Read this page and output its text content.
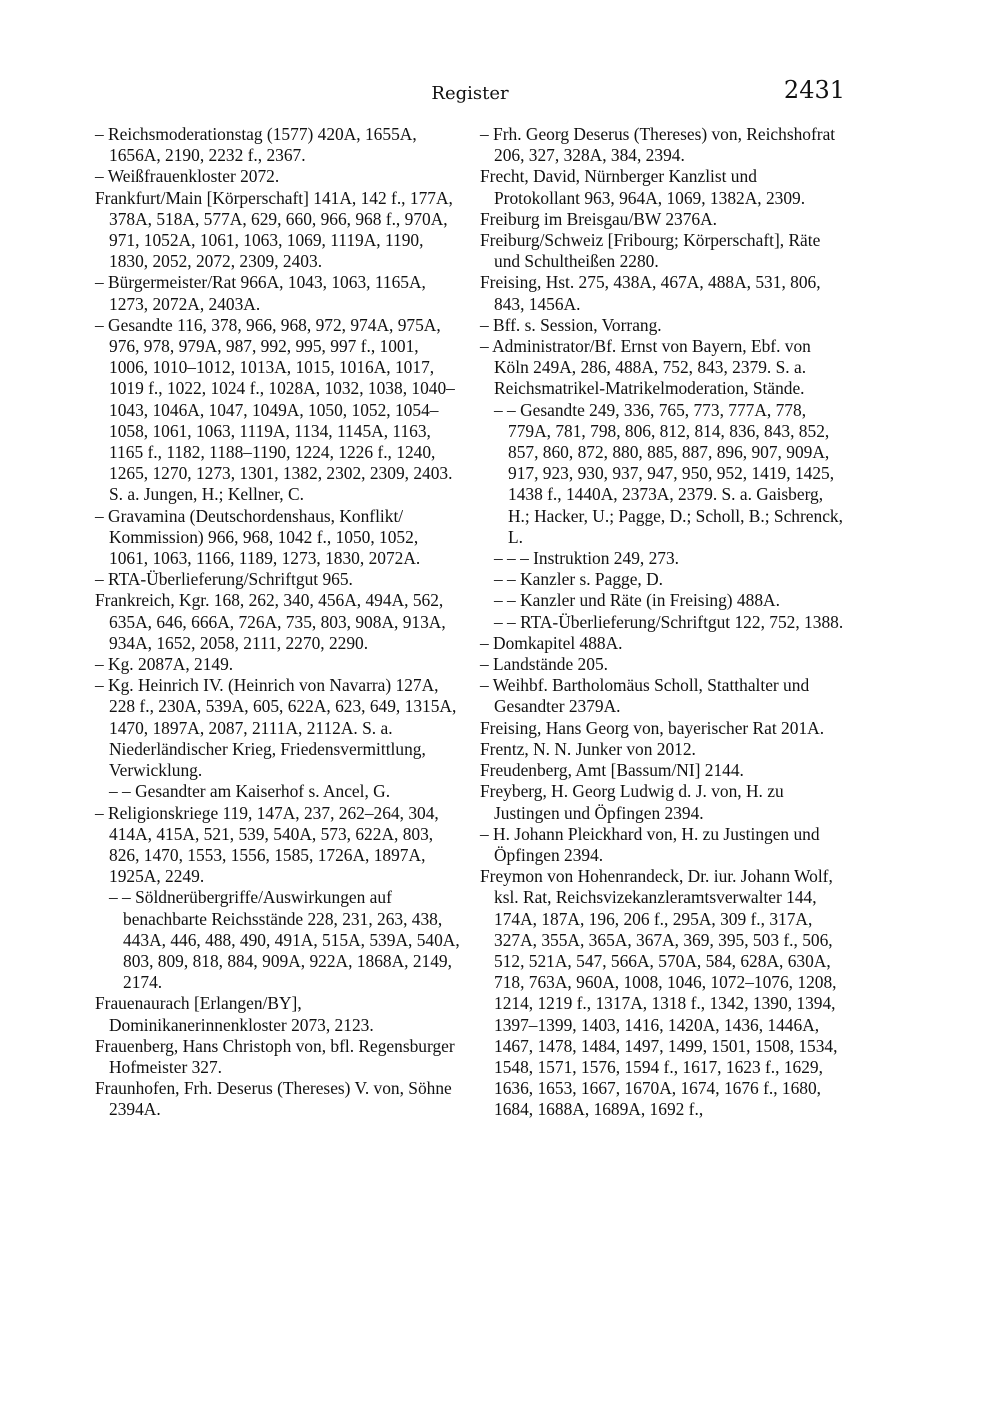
Register	2431

– Reichsmoderationstag (1577) 420A, 1655A, 1656A, 2190, 2232 f., 2367.

– Weißfrauenkloster 2072.

Frankfurt/Main [Körperschaft] 141A, 142 f., 177A, 378A, 518A, 577A, 629, 660, 966, 968 f., 970A, 971, 1052A, 1061, 1063, 1069, 1119A, 1190, 1830, 2052, 2072, 2309, 2403.

– Bürgermeister/Rat 966A, 1043, 1063, 1165A, 1273, 2072A, 2403A.

– Gesandte 116, 378, 966, 968, 972, 974A, 975A, 976, 978, 979A, 987, 992, 995, 997 f., 1001, 1006, 1010–1012, 1013A, 1015, 1016A, 1017, 1019 f., 1022, 1024 f., 1028A, 1032, 1038, 1040–1043, 1046A, 1047, 1049A, 1050, 1052, 1054–1058, 1061, 1063, 1119A, 1134, 1145A, 1163, 1165 f., 1182, 1188–1190, 1224, 1226 f., 1240, 1265, 1270, 1273, 1301, 1382, 2302, 2309, 2403. S. a. Jungen, H.; Kellner, C.

– Gravamina (Deutschordenshaus, Konflikt/ Kommission) 966, 968, 1042 f., 1050, 1052, 1061, 1063, 1166, 1189, 1273, 1830, 2072A.

– RTA-Überlieferung/Schriftgut 965.

Frankreich, Kgr. 168, 262, 340, 456A, 494A, 562, 635A, 646, 666A, 726A, 735, 803, 908A, 913A, 934A, 1652, 2058, 2111, 2270, 2290.

– Kg. 2087A, 2149.

– Kg. Heinrich IV. (Heinrich von Navarra) 127A, 228 f., 230A, 539A, 605, 622A, 623, 649, 1315A, 1470, 1897A, 2087, 2111A, 2112A. S. a. Niederländischer Krieg, Friedensvermittlung, Verwicklung.

– – Gesandter am Kaiserhof s. Ancel, G.

– Religionskriege 119, 147A, 237, 262–264, 304, 414A, 415A, 521, 539, 540A, 573, 622A, 803, 826, 1470, 1553, 1556, 1585, 1726A, 1897A, 1925A, 2249.

– – Söldnerübergriffe/Auswirkungen auf benachbarte Reichsstände 228, 231, 263, 438, 443A, 446, 488, 490, 491A, 515A, 539A, 540A, 803, 809, 818, 884, 909A, 922A, 1868A, 2149, 2174.

Frauenaurach [Erlangen/BY], Dominikanerinnenkloster 2073, 2123.

Frauenberg, Hans Christoph von, bfl. Regensburger Hofmeister 327.

Fraunhofen, Frh. Deserus (Thereses) V. von, Söhne 2394A.

– Frh. Georg Deserus (Thereses) von, Reichshofrat 206, 327, 328A, 384, 2394.

Frecht, David, Nürnberger Kanzlist und Protokollant 963, 964A, 1069, 1382A, 2309.

Freiburg im Breisgau/BW 2376A.

Freiburg/Schweiz [Fribourg; Körperschaft], Räte und Schultheißen 2280.

Freising, Hst. 275, 438A, 467A, 488A, 531, 806, 843, 1456A.

– Bff. s. Session, Vorrang.

– Administrator/Bf. Ernst von Bayern, Ebf. von Köln 249A, 286, 488A, 752, 843, 2379. S. a. Reichsmatrikel-Matrikelmoderation, Stände.

– – Gesandte 249, 336, 765, 773, 777A, 778, 779A, 781, 798, 806, 812, 814, 836, 843, 852, 857, 860, 872, 880, 885, 887, 896, 907, 909A, 917, 923, 930, 937, 947, 950, 952, 1419, 1425, 1438 f., 1440A, 2373A, 2379. S. a. Gaisberg, H.; Hacker, U.; Pagge, D.; Scholl, B.; Schrenck, L.

– – – Instruktion 249, 273.

– – Kanzler s. Pagge, D.

– – Kanzler und Räte (in Freising) 488A.

– – RTA-Überlieferung/Schriftgut 122, 752, 1388.

– Domkapitel 488A.

– Landstände 205.

– Weihbf. Bartholomäus Scholl, Statthalter und Gesandter 2379A.

Freising, Hans Georg von, bayerischer Rat 201A.

Frentz, N. N. Junker von 2012.

Freudenberg, Amt [Bassum/NI] 2144.

Freyberg, H. Georg Ludwig d. J. von, H. zu Justingen und Öpfingen 2394.

– H. Johann Pleickhard von, H. zu Justingen und Öpfingen 2394.

Freymon von Hohenrandeck, Dr. iur. Johann Wolf, ksl. Rat, Reichsvizekanzleramtsverwalter 144, 174A, 187A, 196, 206 f., 295A, 309 f., 317A, 327A, 355A, 365A, 367A, 369, 395, 503 f., 506, 512, 521A, 547, 566A, 570A, 584, 628A, 630A, 718, 763A, 960A, 1008, 1046, 1072–1076, 1208, 1214, 1219 f., 1317A, 1318 f., 1342, 1390, 1394, 1397–1399, 1403, 1416, 1420A, 1436, 1446A, 1467, 1478, 1484, 1497, 1499, 1501, 1508, 1534, 1548, 1571, 1576, 1594 f., 1617, 1623 f., 1629, 1636, 1653, 1667, 1670A, 1674, 1676 f., 1680, 1684, 1688A, 1689A, 1692 f.,
